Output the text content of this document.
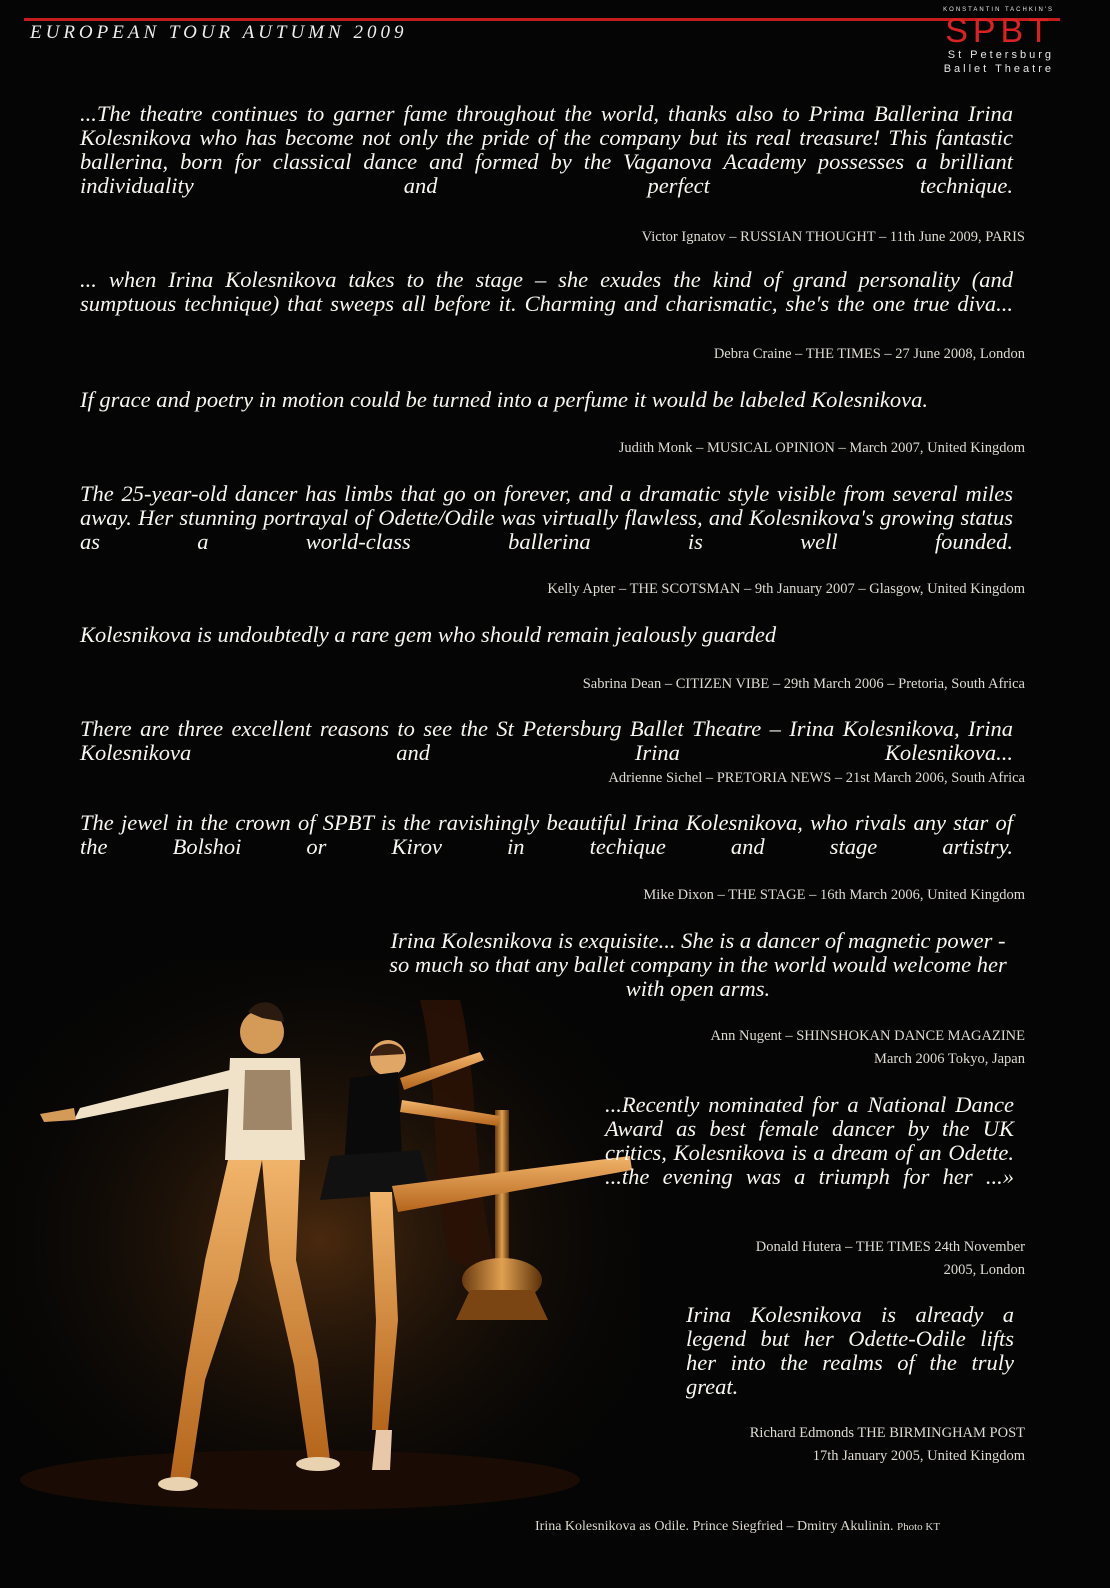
EUROPEAN TOUR AUTUMN 2009
KONSTANTIN TACHKIN'S
SPBT
St Petersburg
Ballet Theatre

...The theatre continues to garner fame throughout the world, thanks also to Prima Ballerina Irina Kolesnikova who has become not only the pride of the company but its real treasure! This fantastic ballerina, born for classical dance and formed by the Vaganova Academy possesses a brilliant individuality and perfect technique.

Victor Ignatov – RUSSIAN THOUGHT – 11th June 2009, PARIS

... when Irina Kolesnikova takes to the stage – she exudes the kind of grand personality (and sumptuous technique) that sweeps all before it. Charming and charismatic, she's the one true diva...

Debra Craine – THE TIMES – 27 June 2008, London

If grace and poetry in motion could be turned into a perfume it would be labeled Kolesnikova.

Judith Monk – MUSICAL OPINION – March 2007, United Kingdom

The 25-year-old dancer has limbs that go on forever, and a dramatic style visible from several miles away. Her stunning portrayal of Odette/Odile was virtually flawless, and Kolesnikova's growing status as a world-class ballerina is well founded.

Kelly Apter – THE SCOTSMAN – 9th January 2007 – Glasgow, United Kingdom

Kolesnikova is undoubtedly a rare gem who should remain jealously guarded

Sabrina Dean – CITIZEN VIBE – 29th March 2006 – Pretoria, South Africa

There are three excellent reasons to see the St Petersburg Ballet Theatre – Irina Kolesnikova, Irina Kolesnikova and Irina Kolesnikova...

Adrienne Sichel – PRETORIA NEWS – 21st March 2006, South Africa

The jewel in the crown of SPBT is the ravishingly beautiful Irina Kolesnikova, who rivals any star of the Bolshoi or Kirov in techique and stage artistry.

Mike Dixon – THE STAGE – 16th March 2006, United Kingdom

Irina Kolesnikova is exquisite... She is a dancer of magnetic power - so much so that any ballet company in the world would welcome her with open arms.

Ann Nugent – SHINSHOKAN DANCE MAGAZINE
March 2006 Tokyo, Japan

...Recently nominated for a National Dance Award as best female dancer by the UK critics, Kolesnikova is a dream of an Odette. ...the evening was a triumph for her ...»

Donald Hutera – THE TIMES 24th November
2005, London

Irina Kolesnikova is already a legend but her Odette-Odile lifts her into the realms of the truly great.

Richard Edmonds THE BIRMINGHAM POST
17th January 2005, United Kingdom
Irina Kolesnikova as Odile. Prince Siegfried – Dmitry Akulinin. Photo KT
